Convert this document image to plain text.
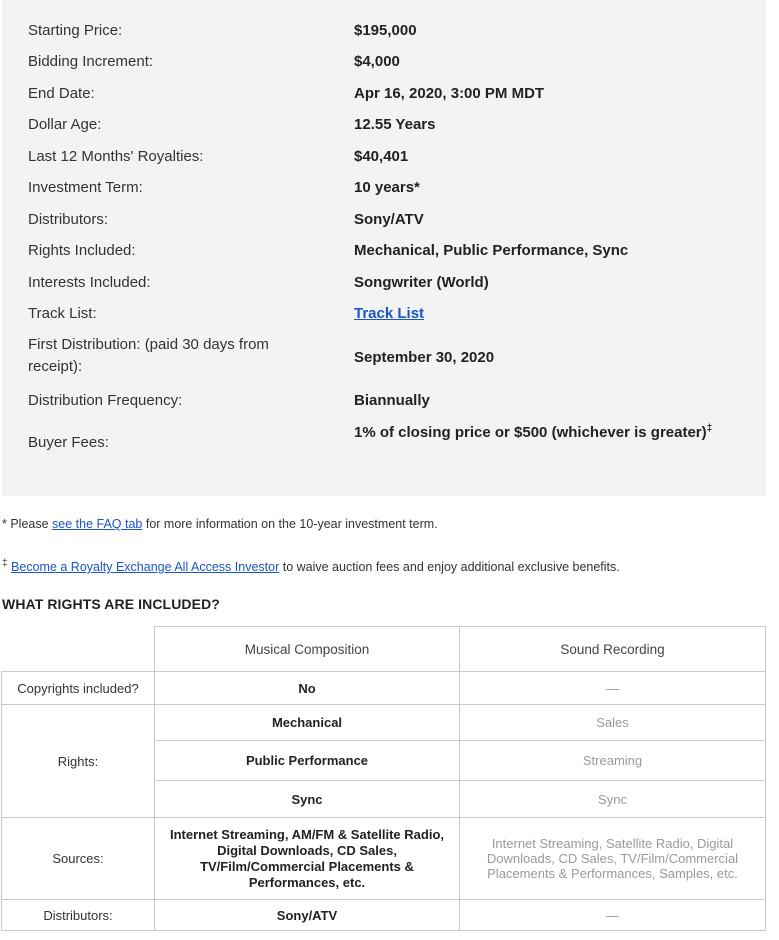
Starting Price:	$195,000
Bidding Increment:	$4,000
End Date:	Apr 16, 2020, 3:00 PM MDT
Dollar Age:	12.55 Years
Last 12 Months' Royalties:	$40,401
Investment Term:	10 years*
Distributors:	Sony/ATV
Rights Included:	Mechanical, Public Performance, Sync
Interests Included:	Songwriter (World)
Track List:	Track List
First Distribution: (paid 30 days from receipt):
September 30, 2020
Distribution Frequency:	Biannually
Buyer Fees:
1% of closing price or $500 (whichever is greater)‡
* Please see the FAQ tab for more information on the 10-year investment term.
‡ Become a Royalty Exchange All Access Investor to waive auction fees and enjoy additional exclusive benefits.
WHAT RIGHTS ARE INCLUDED?
	Musical Composition	Sound Recording
Copyrights included?	No	—
Rights:	Mechanical	Sales
	Public Performance	Streaming
	Sync	Sync
Sources:	Internet Streaming, AM/FM & Satellite Radio, Digital Downloads, CD Sales, TV/Film/Commercial Placements & Performances, etc.	Internet Streaming, Satellite Radio, Digital Downloads, CD Sales, TV/Film/Commercial Placements & Performances, Samples, etc.
Distributors:	Sony/ATV	—
